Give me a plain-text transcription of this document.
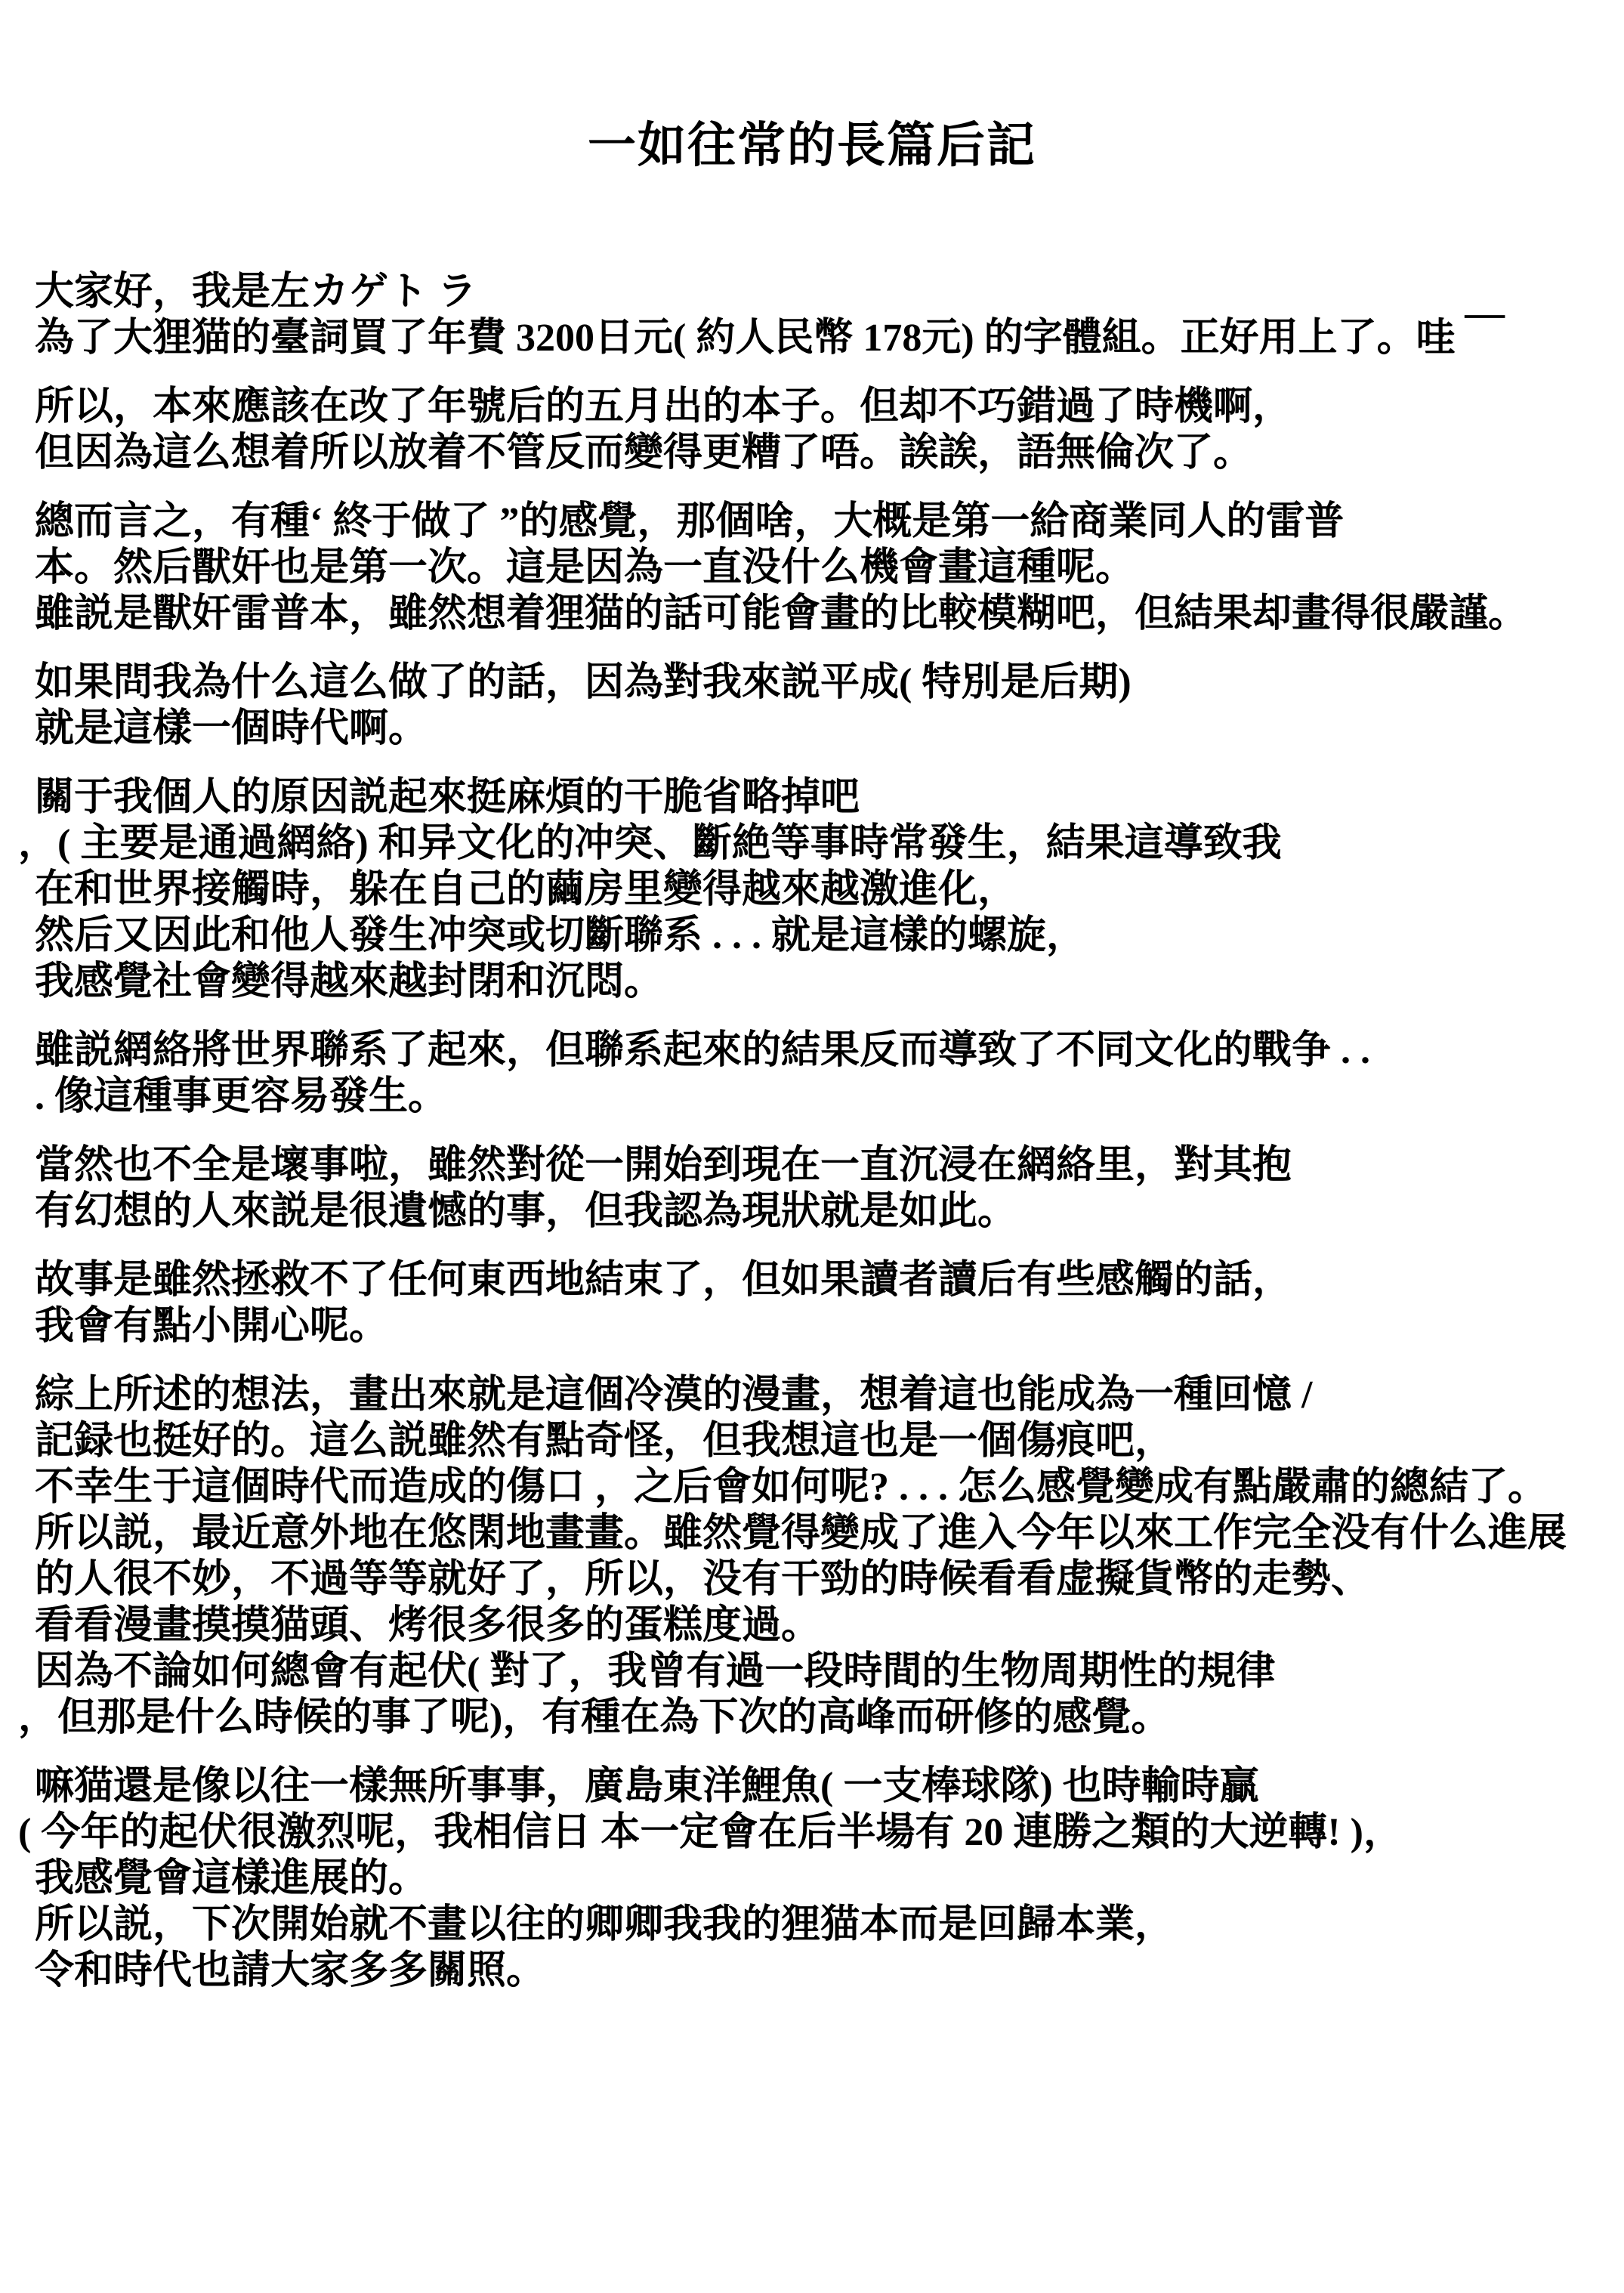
一如往常的長篇后記
大家好，我是左カゲト ラ
為了大狸猫的臺詞買了年費 3200日元( 約人民幣 178元) 的字體組。正好用上了。哇 ￣
所以，本來應該在改了年號后的五月出的本子。但却不巧錯過了時機啊，
但因為這么想着所以放着不管反而變得更糟了唔。誒誒，語無倫次了。
總而言之，有種‘ 終于做了 ”的感覺，那個啥，大概是第一給商業同人的雷普
本。然后獸奸也是第一次。這是因為一直没什么機會畫這種呢。
雖説是獸奸雷普本，雖然想着狸猫的話可能會畫的比較模糊吧，但結果却畫得很嚴謹。
如果問我為什么這么做了的話，因為對我來説平成( 特別是后期)
就是這樣一個時代啊。
關于我個人的原因説起來挺麻煩的干脆省略掉吧
，( 主要是通過網絡) 和异文化的冲突、斷絶等事時常發生，結果這導致我
在和世界接觸時，躲在自己的繭房里變得越來越激進化，
然后又因此和他人發生冲突或切斷聯系 . . . 就是這樣的螺旋，
我感覺社會變得越來越封閉和沉悶。
雖説網絡將世界聯系了起來，但聯系起來的結果反而導致了不同文化的戰争 . .
. 像這種事更容易發生。
當然也不全是壞事啦，雖然對從一開始到現在一直沉浸在網絡里，對其抱
有幻想的人來説是很遺憾的事，但我認為現狀就是如此。
故事是雖然拯救不了任何東西地結束了，但如果讀者讀后有些感觸的話，
我會有點小開心呢。
綜上所述的想法，畫出來就是這個冷漠的漫畫，想着這也能成為一種回憶 /
記録也挺好的。這么説雖然有點奇怪，但我想這也是一個傷痕吧，
不幸生于這個時代而造成的傷口 ，之后會如何呢? . . . 怎么感覺變成有點嚴肅的總結了。
所以説，最近意外地在悠閑地畫畫。雖然覺得變成了進入今年以來工作完全没有什么進展
的人很不妙，不過等等就好了，所以，没有干勁的時候看看虚擬貨幣的走勢、
看看漫畫摸摸猫頭、烤很多很多的蛋糕度過。
因為不論如何總會有起伏( 對了，我曾有過一段時間的生物周期性的規律
，但那是什么時候的事了呢)，有種在為下次的高峰而研修的感覺。
嘛猫還是像以往一樣無所事事，廣島東洋鯉魚( 一支棒球隊) 也時輸時贏
( 今年的起伏很激烈呢，我相信日 本一定會在后半場有 20 連勝之類的大逆轉! )，
我感覺會這樣進展的。
所以説，下次開始就不畫以往的卿卿我我的狸猫本而是回歸本業，
令和時代也請大家多多關照。
